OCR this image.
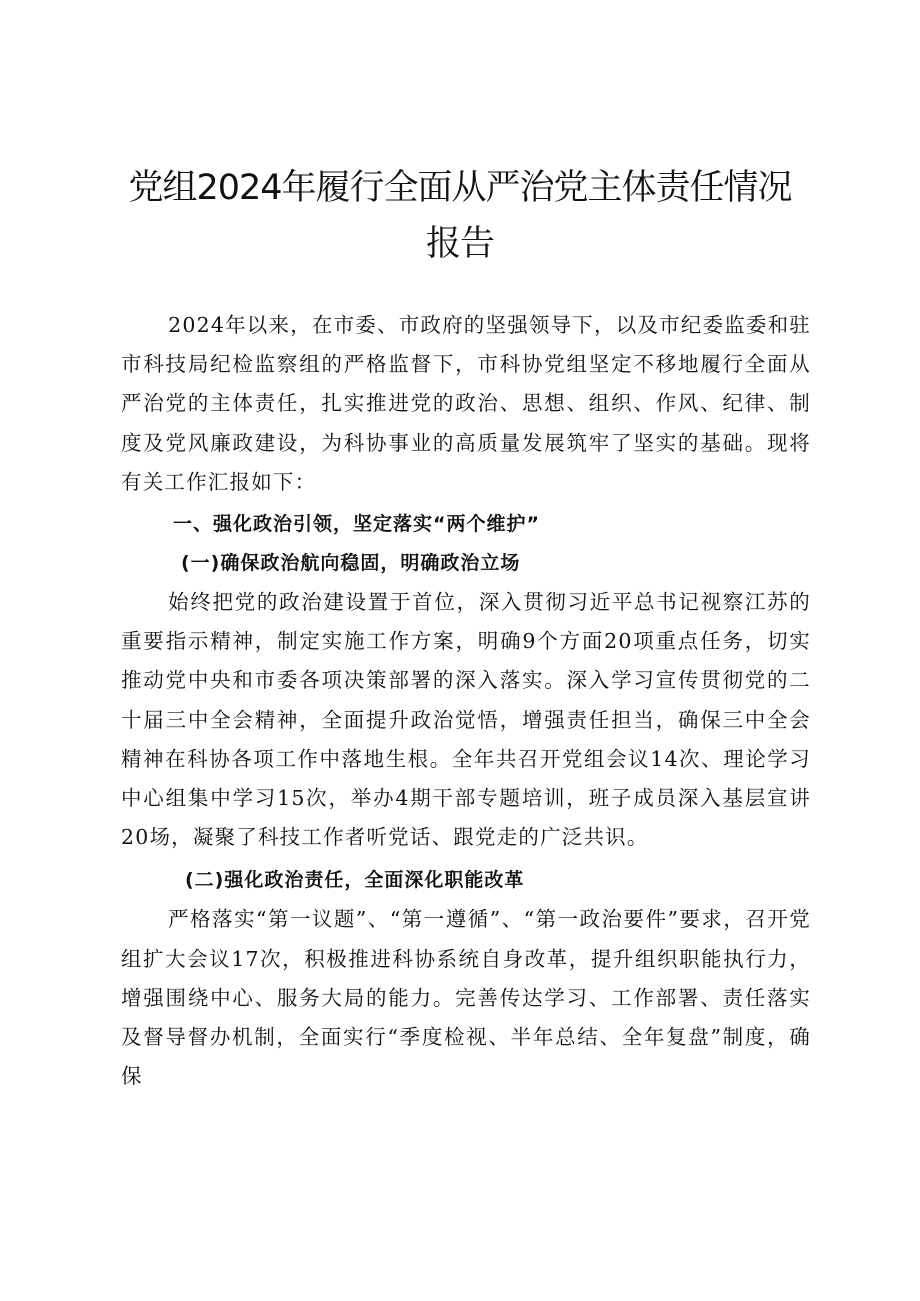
党组2024年履行全面从严治党主体责任情况
报告

2024年以来，在市委、市政府的坚强领导下，以及市纪委监委和驻市科技局纪检监察组的严格监督下，市科协党组坚定不移地履行全面从严治党的主体责任，扎实推进党的政治、思想、组织、作风、纪律、制度及党风廉政建设，为科协事业的高质量发展筑牢了坚实的基础。现将有关工作汇报如下：

一、强化政治引领，坚定落实“两个维护”

(一)确保政治航向稳固，明确政治立场

始终把党的政治建设置于首位，深入贯彻习近平总书记视察江苏的重要指示精神，制定实施工作方案，明确9个方面20项重点任务，切实推动党中央和市委各项决策部署的深入落实。深入学习宣传贯彻党的二十届三中全会精神，全面提升政治觉悟，增强责任担当，确保三中全会精神在科协各项工作中落地生根。全年共召开党组会议14次、理论学习中心组集中学习15次，举办4期干部专题培训，班子成员深入基层宣讲20场，凝聚了科技工作者听党话、跟党走的广泛共识。

(二)强化政治责任，全面深化职能改革

严格落实“第一议题”、“第一遵循”、“第一政治要件”要求，召开党组扩大会议17次，积极推进科协系统自身改革，提升组织职能执行力，增强围绕中心、服务大局的能力。完善传达学习、工作部署、责任落实及督导督办机制，全面实行“季度检视、半年总结、全年复盘”制度，确保
